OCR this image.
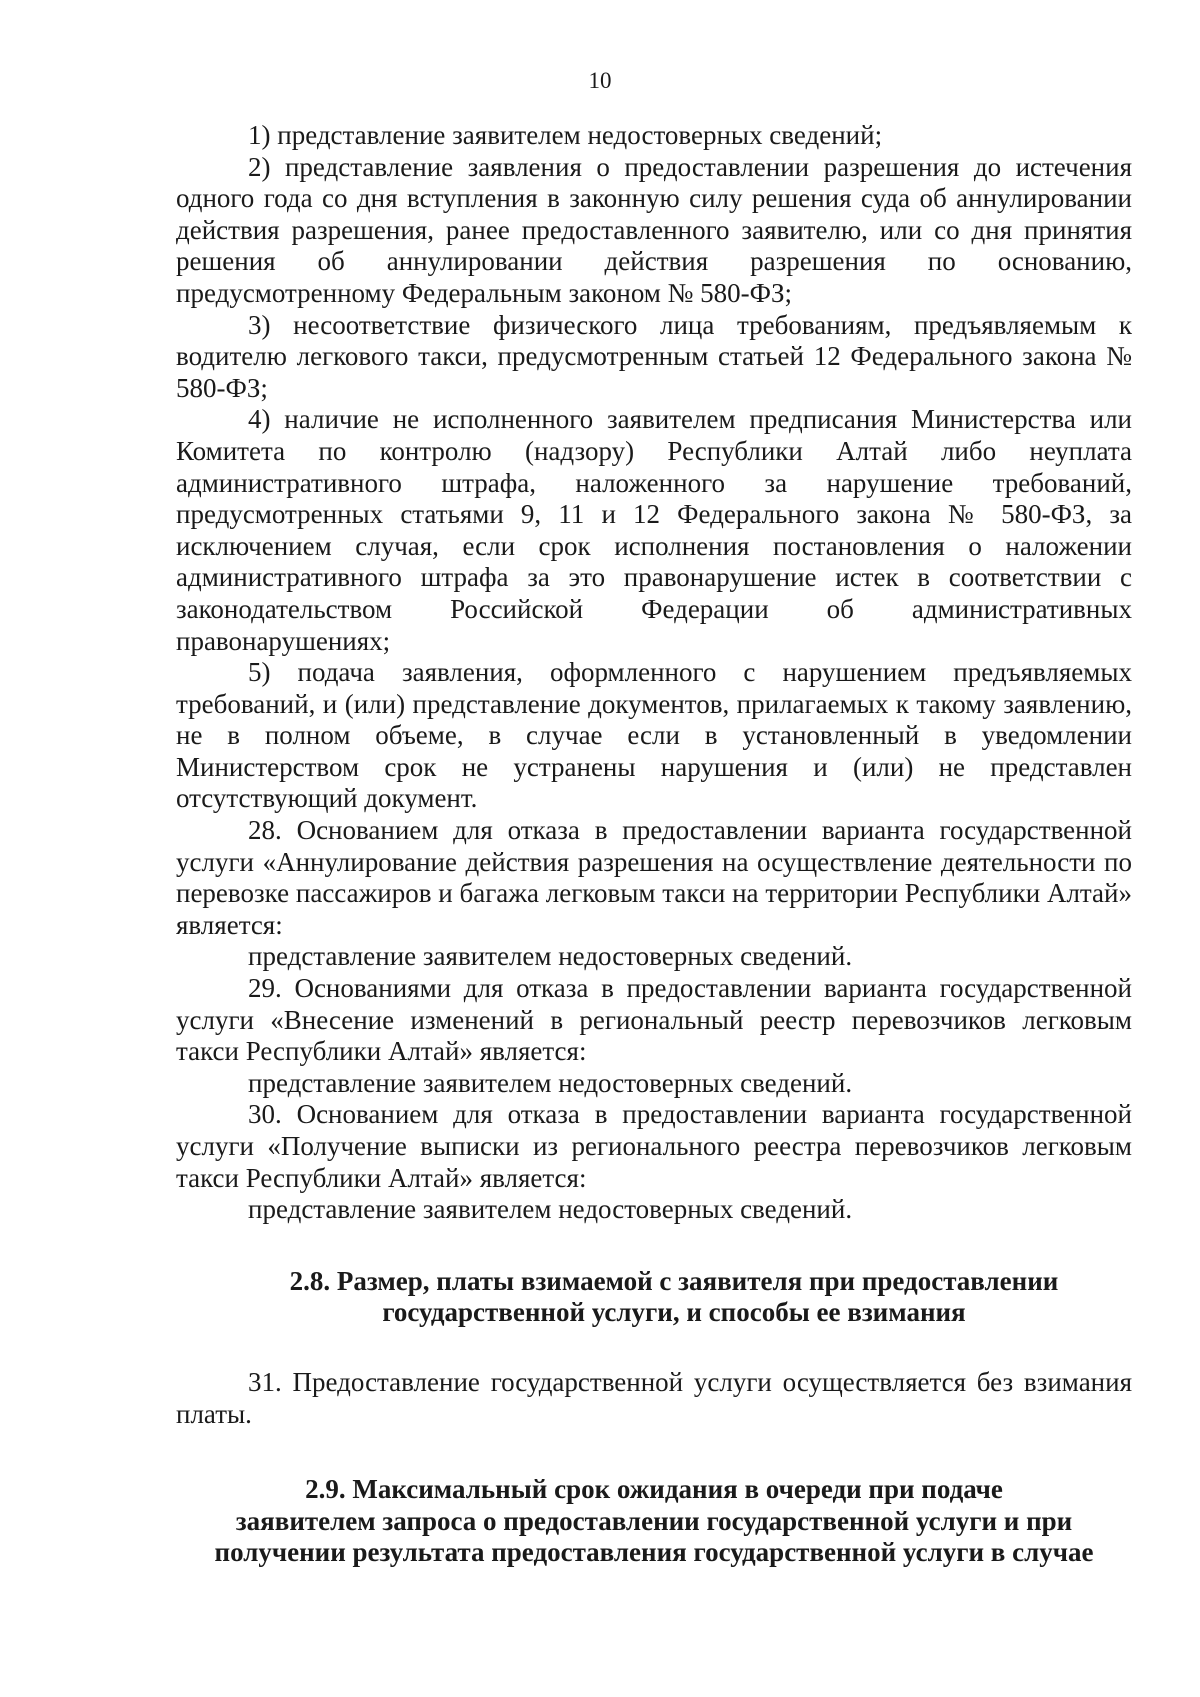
10

1) представление заявителем недостоверных сведений;

2) представление заявления о предоставлении разрешения до истечения одного года со дня вступления в законную силу решения суда об аннулировании действия разрешения, ранее предоставленного заявителю, или со дня принятия решения об аннулировании действия разрешения по основанию, предусмотренному Федеральным законом № 580-ФЗ;

3) несоответствие физического лица требованиям, предъявляемым к водителю легкового такси, предусмотренным статьей 12 Федерального закона № 580-ФЗ;

4) наличие не исполненного заявителем предписания Министерства или Комитета по контролю (надзору) Республики Алтай либо неуплата административного штрафа, наложенного за нарушение требований, предусмотренных статьями 9, 11 и 12 Федерального закона № 580-ФЗ, за исключением случая, если срок исполнения постановления о наложении административного штрафа за это правонарушение истек в соответствии с законодательством Российской Федерации об административных правонарушениях;

5) подача заявления, оформленного с нарушением предъявляемых требований, и (или) представление документов, прилагаемых к такому заявлению, не в полном объеме, в случае если в установленный в уведомлении Министерством срок не устранены нарушения и (или) не представлен отсутствующий документ.

28. Основанием для отказа в предоставлении варианта государственной услуги «Аннулирование действия разрешения на осуществление деятельности по перевозке пассажиров и багажа легковым такси на территории Республики Алтай» является:

представление заявителем недостоверных сведений.

29. Основаниями для отказа в предоставлении варианта государственной услуги «Внесение изменений в региональный реестр перевозчиков легковым такси Республики Алтай» является:

представление заявителем недостоверных сведений.

30. Основанием для отказа в предоставлении варианта государственной услуги «Получение выписки из регионального реестра перевозчиков легковым такси Республики Алтай» является:

представление заявителем недостоверных сведений.

2.8. Размер, платы взимаемой с заявителя при предоставлении
государственной услуги, и способы ее взимания

31. Предоставление государственной услуги осуществляется без взимания платы.

2.9. Максимальный срок ожидания в очереди при подаче
заявителем запроса о предоставлении государственной услуги и при
получении результата предоставления государственной услуги в случае
